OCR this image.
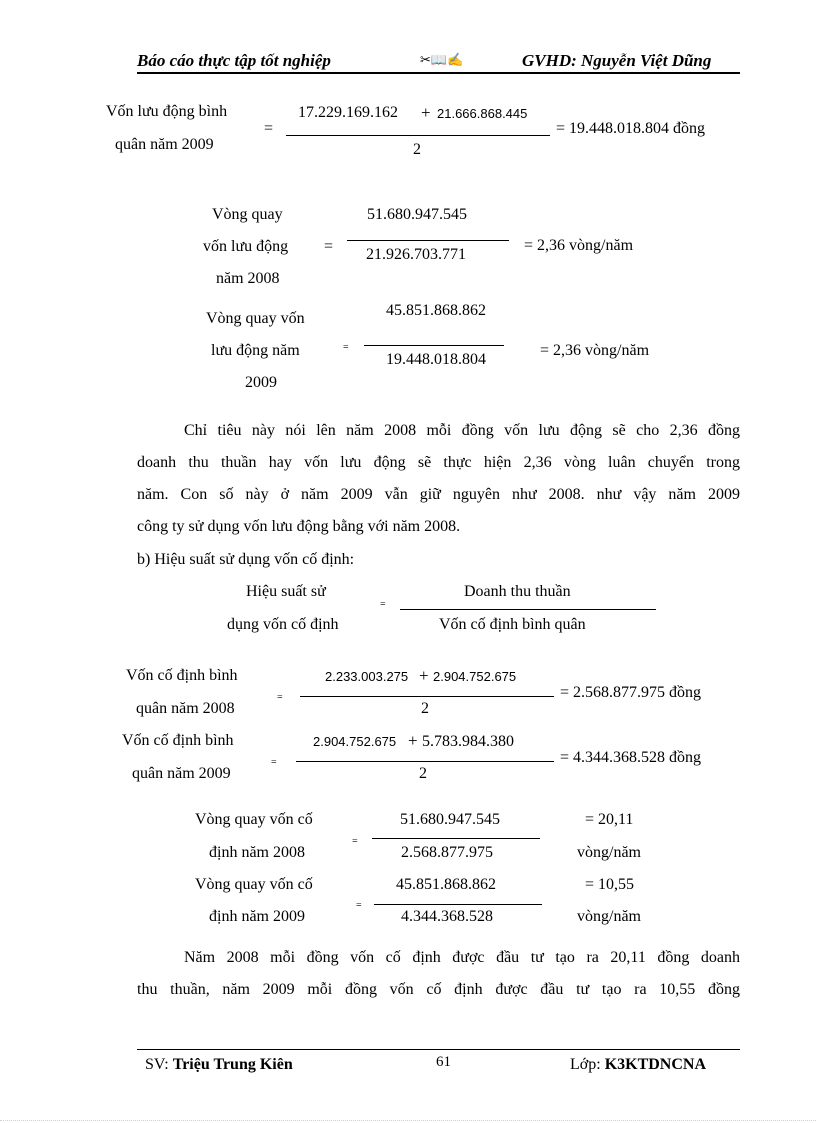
Báo cáo thực tập tốt nghiệp	✂📖✍	GVHD: Nguyễn Việt Dũng
Vốn lưu động bình
quân năm 2009
=
17.229.169.162 + 21.666.868.445
2
= 19.448.018.804 đồng
Vòng quay
vốn lưu động
năm 2008
=
51.680.947.545
21.926.703.771
= 2,36 vòng/năm
Vòng quay vốn
lưu động năm
2009
=
45.851.868.862
19.448.018.804
= 2,36 vòng/năm
Chỉ tiêu này nói lên năm 2008 mỗi đồng vốn lưu động sẽ cho 2,36 đồng
doanh thu thuần hay vốn lưu động sẽ thực hiện 2,36 vòng luân chuyển trong
năm. Con số này ở năm 2009 vẫn giữ nguyên như 2008. như vậy năm 2009
công ty sử dụng vốn lưu động bằng với năm 2008.
b) Hiệu suất sử dụng vốn cố định:
Hiệu suất sử
dụng vốn cố định
=
Doanh thu thuần
Vốn cố định bình quân
Vốn cố định bình
quân năm 2008
=
2.233.003.275 + 2.904.752.675
2
= 2.568.877.975 đồng
Vốn cố định bình
quân năm 2009
=
2.904.752.675 + 5.783.984.380
2
= 4.344.368.528 đồng
Vòng quay vốn cố
định năm 2008
=
51.680.947.545
2.568.877.975
= 20,11
vòng/năm
Vòng quay vốn cố
định năm 2009
=
45.851.868.862
4.344.368.528
= 10,55
vòng/năm
Năm 2008 mỗi đồng vốn cố định được đầu tư tạo ra 20,11 đồng doanh
thu thuần, năm 2009 mỗi đồng vốn cố định được đầu tư tạo ra 10,55 đồng
SV: Triệu Trung Kiên	61	Lớp: K3KTDNCNA
